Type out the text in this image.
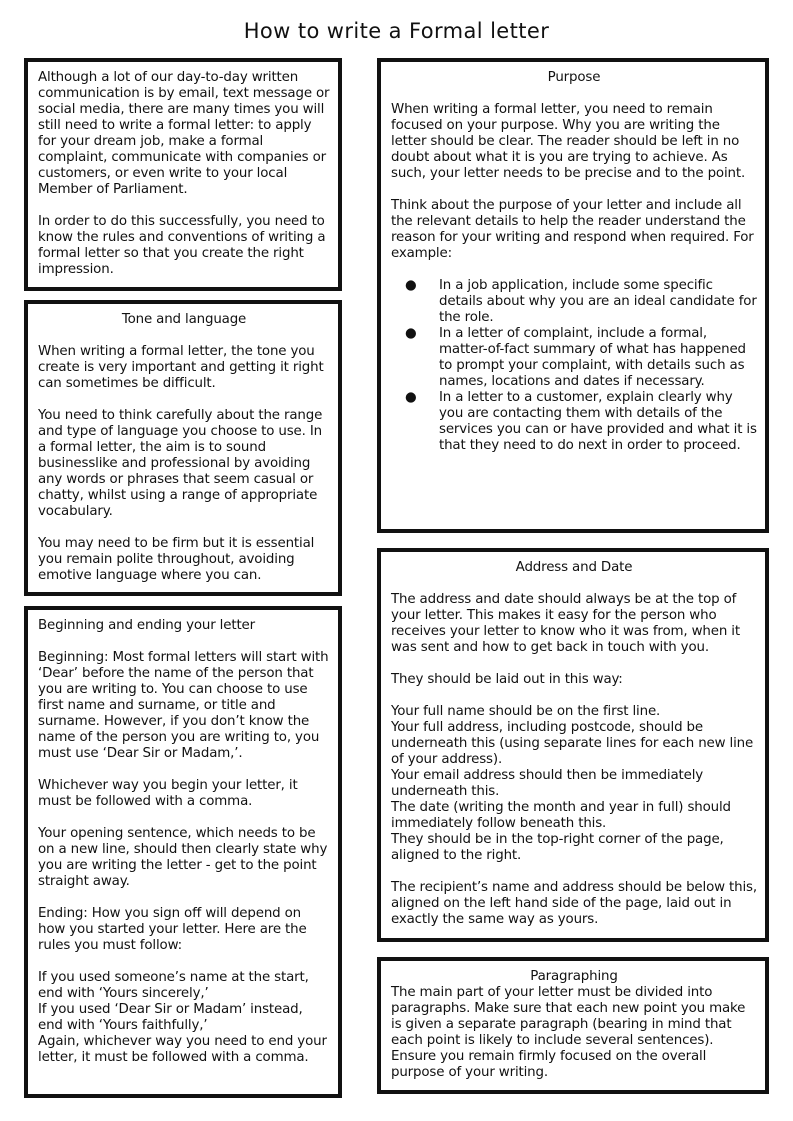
How to write a Formal letter

Although a lot of our day-to-day written communication is by email, text message or social media, there are many times you will still need to write a formal letter: to apply for your dream job, make a formal complaint, communicate with companies or customers, or even write to your local Member of Parliament.

In order to do this successfully, you need to know the rules and conventions of writing a formal letter so that you create the right impression.

Tone and language

When writing a formal letter, the tone you create is very important and getting it right can sometimes be difficult.

You need to think carefully about the range and type of language you choose to use. In a formal letter, the aim is to sound businesslike and professional by avoiding any words or phrases that seem casual or chatty, whilst using a range of appropriate vocabulary.

You may need to be firm but it is essential you remain polite throughout, avoiding emotive language where you can.

Beginning and ending your letter

Beginning: Most formal letters will start with ‘Dear’ before the name of the person that you are writing to. You can choose to use first name and surname, or title and surname. However, if you don’t know the name of the person you are writing to, you must use ‘Dear Sir or Madam,’.

Whichever way you begin your letter, it must be followed with a comma.

Your opening sentence, which needs to be on a new line, should then clearly state why you are writing the letter - get to the point straight away.

Ending: How you sign off will depend on how you started your letter. Here are the rules you must follow:

If you used someone’s name at the start, end with ‘Yours sincerely,’

If you used ‘Dear Sir or Madam’ instead, end with ‘Yours faithfully,’

Again, whichever way you need to end your letter, it must be followed with a comma.

Purpose

When writing a formal letter, you need to remain focused on your purpose. Why you are writing the letter should be clear. The reader should be left in no doubt about what it is you are trying to achieve. As such, your letter needs to be precise and to the point.

Think about the purpose of your letter and include all the relevant details to help the reader understand the reason for your writing and respond when required. For example:

● In a job application, include some specific details about why you are an ideal candidate for the role.
● In a letter of complaint, include a formal, matter-of-fact summary of what has happened to prompt your complaint, with details such as names, locations and dates if necessary.
● In a letter to a customer, explain clearly why you are contacting them with details of the services you can or have provided and what it is that they need to do next in order to proceed.
Address and Date

The address and date should always be at the top of your letter. This makes it easy for the person who receives your letter to know who it was from, when it was sent and how to get back in touch with you.

They should be laid out in this way:

Your full name should be on the first line.

Your full address, including postcode, should be underneath this (using separate lines for each new line of your address).

Your email address should then be immediately underneath this.

The date (writing the month and year in full) should immediately follow beneath this.

They should be in the top-right corner of the page, aligned to the right.

The recipient’s name and address should be below this, aligned on the left hand side of the page, laid out in exactly the same way as yours.

Paragraphing

The main part of your letter must be divided into paragraphs. Make sure that each new point you make is given a separate paragraph (bearing in mind that each point is likely to include several sentences). Ensure you remain firmly focused on the overall purpose of your writing.
